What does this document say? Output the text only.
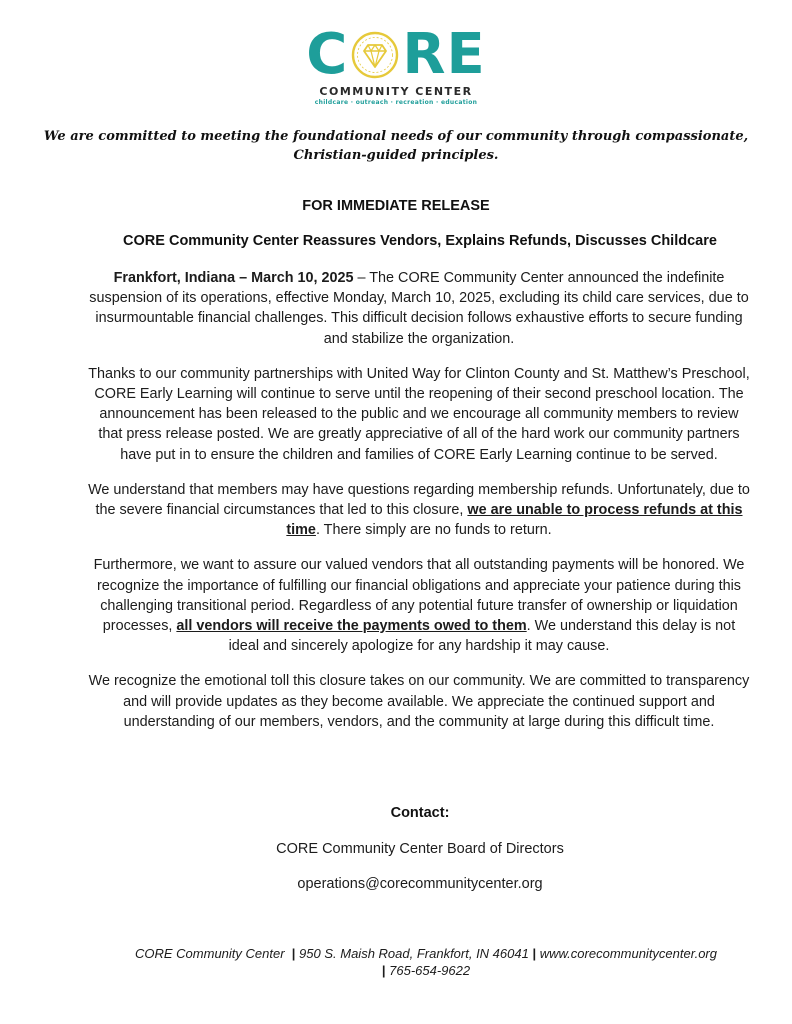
C RE
COMMUNITY CENTER
childcare · outreach · recreation · education
We are committed to meeting the foundational needs of our community through compassionate, Christian-guided principles.
FOR IMMEDIATE RELEASE
CORE Community Center Reassures Vendors, Explains Refunds, Discusses Childcare

Frankfort, Indiana – March 10, 2025 – The CORE Community Center announced the indefinite suspension of its operations, effective Monday, March 10, 2025, excluding its child care services, due to insurmountable financial challenges. This difficult decision follows exhaustive efforts to secure funding and stabilize the organization.

Thanks to our community partnerships with United Way for Clinton County and St. Matthew’s Preschool, CORE Early Learning will continue to serve until the reopening of their second preschool location. The announcement has been released to the public and we encourage all community members to review that press release posted. We are greatly appreciative of all of the hard work our community partners have put in to ensure the children and families of CORE Early Learning continue to be served.

We understand that members may have questions regarding membership refunds. Unfortunately, due to the severe financial circumstances that led to this closure, we are unable to process refunds at this time. There simply are no funds to return.

Furthermore, we want to assure our valued vendors that all outstanding payments will be honored. We recognize the importance of fulfilling our financial obligations and appreciate your patience during this challenging transitional period. Regardless of any potential future transfer of ownership or liquidation processes, all vendors will receive the payments owed to them. We understand this delay is not ideal and sincerely apologize for any hardship it may cause.

We recognize the emotional toll this closure takes on our community. We are committed to transparency and will provide updates as they become available. We appreciate the continued support and understanding of our members, vendors, and the community at large during this difficult time.

Contact:
CORE Community Center Board of Directors
operations@corecommunitycenter.org
CORE Community Center | 950 S. Maish Road, Frankfort, IN 46041 | www.corecommunitycenter.org
| 765-654-9622
